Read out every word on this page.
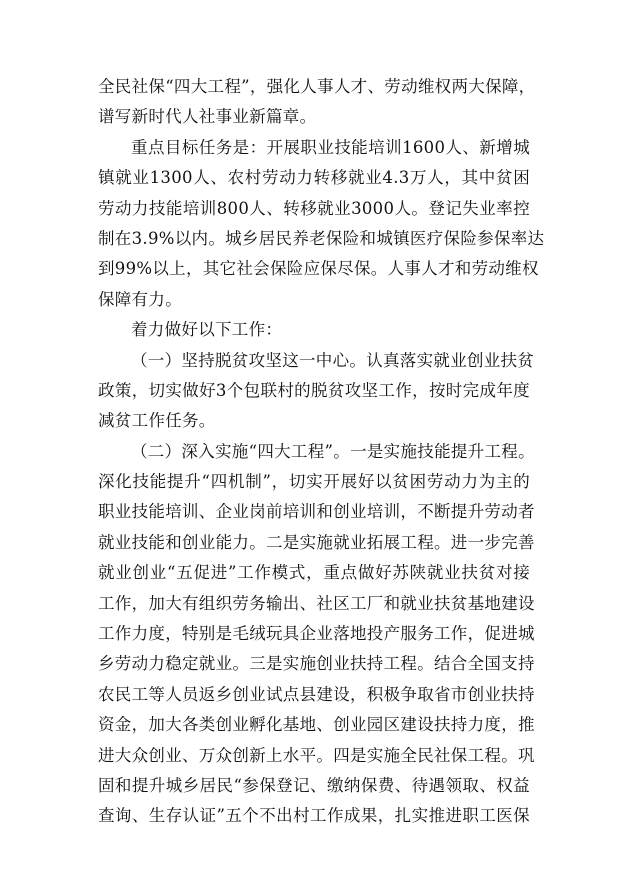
全民社保“四大工程”，强化人事人才、劳动维权两大保障，
谱写新时代人社事业新篇章。
重点目标任务是：开展职业技能培训1600人、新增城
镇就业1300人、农村劳动力转移就业4.3万人，其中贫困
劳动力技能培训800人、转移就业3000人。登记失业率控
制在3.9%以内。城乡居民养老保险和城镇医疗保险参保率达
到99%以上，其它社会保险应保尽保。人事人才和劳动维权
保障有力。
着力做好以下工作：
（一）坚持脱贫攻坚这一中心。认真落实就业创业扶贫
政策，切实做好3个包联村的脱贫攻坚工作，按时完成年度
减贫工作任务。
（二）深入实施“四大工程”。一是实施技能提升工程。
深化技能提升“四机制”，切实开展好以贫困劳动力为主的
职业技能培训、企业岗前培训和创业培训，不断提升劳动者
就业技能和创业能力。二是实施就业拓展工程。进一步完善
就业创业“五促进”工作模式，重点做好苏陕就业扶贫对接
工作，加大有组织劳务输出、社区工厂和就业扶贫基地建设
工作力度，特别是毛绒玩具企业落地投产服务工作，促进城
乡劳动力稳定就业。三是实施创业扶持工程。结合全国支持
农民工等人员返乡创业试点县建设，积极争取省市创业扶持
资金，加大各类创业孵化基地、创业园区建设扶持力度，推
进大众创业、万众创新上水平。四是实施全民社保工程。巩
固和提升城乡居民“参保登记、缴纳保费、待遇领取、权益
查询、生存认证”五个不出村工作成果，扎实推进职工医保
